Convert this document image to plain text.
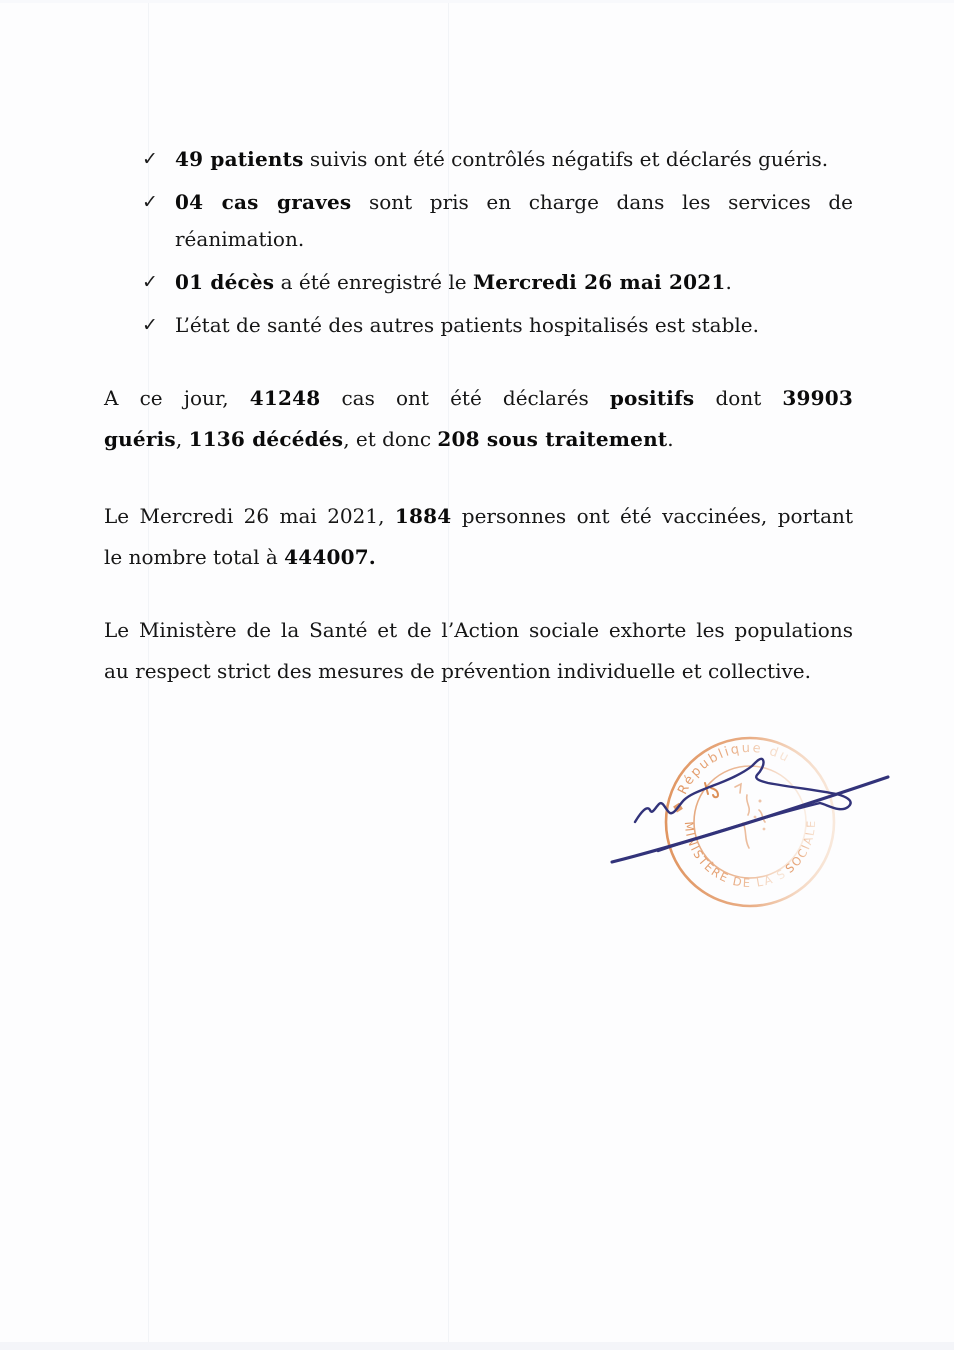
✓ 49 patients suivis ont été contrôlés négatifs et déclarés guéris.
✓ 04 cas graves sont pris en charge dans les services de
réanimation.
✓ 01 décès a été enregistré le Mercredi 26 mai 2021.
✓ L’état de santé des autres patients hospitalisés est stable.
A ce jour, 41248 cas ont été déclarés positifs dont 39903
guéris, 1136 décédés, et donc 208 sous traitement.
Le Mercredi 26 mai 2021, 1884 personnes ont été vaccinées, portant
le nombre total à 444007.
Le Ministère de la Santé et de l’Action sociale exhorte les populations
au respect strict des mesures de prévention individuelle et collective.
◆ République du
MINISTÈRE DE LA S
SOCIALE
